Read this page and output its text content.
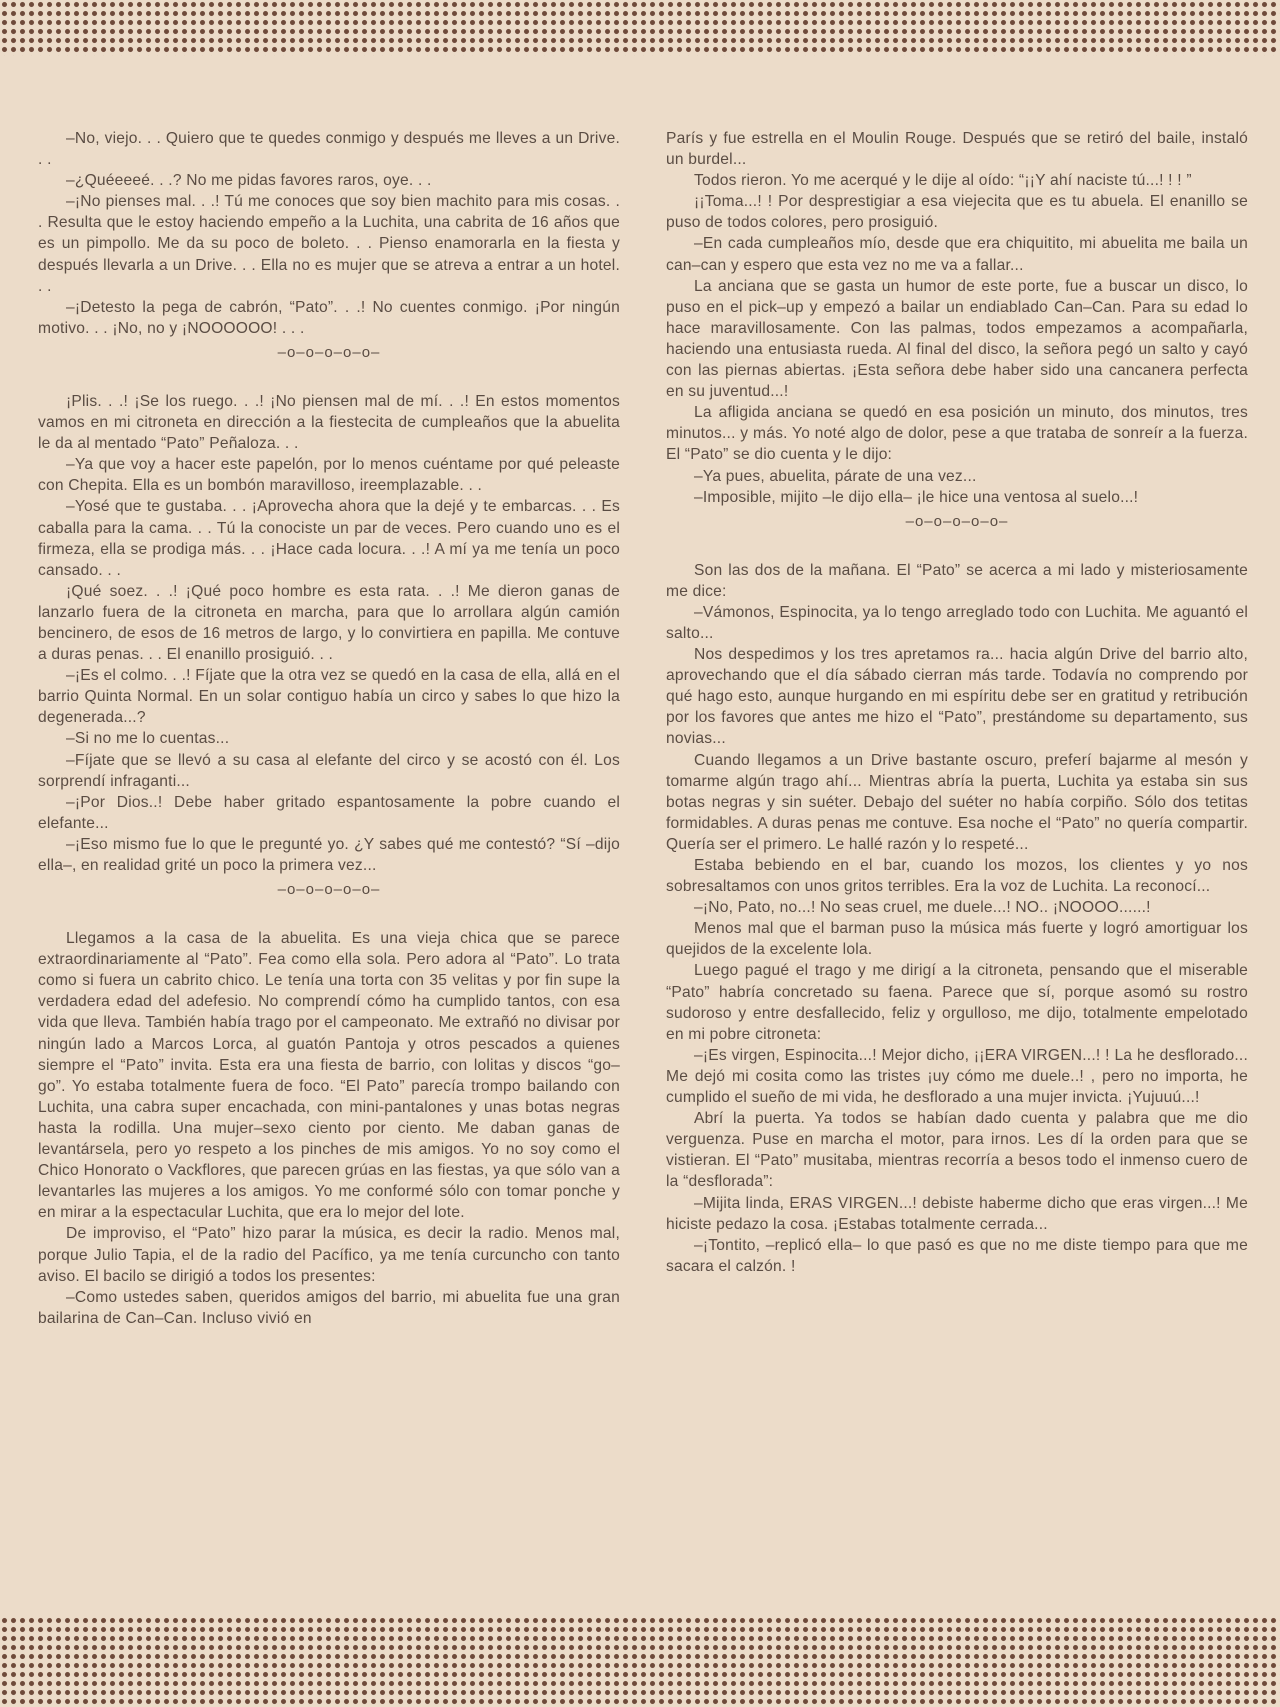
–No, viejo. . . Quiero que te quedes conmigo y después me lleves a un Drive. . .

–¿Quéeeeé. . .? No me pidas favores raros, oye. . .

–¡No pienses mal. . .! Tú me conoces que soy bien machito para mis cosas. . . Resulta que le estoy haciendo empeño a la Luchita, una cabrita de 16 años que es un pimpollo. Me da su poco de boleto. . . Pienso enamorarla en la fiesta y después llevarla a un Drive. . . Ella no es mujer que se atreva a entrar a un hotel. . .

–¡Detesto la pega de cabrón, “Pato”. . .! No cuentes conmigo. ¡Por ningún motivo. . . ¡No, no y ¡NOOOOOO! . . .

–o–o–o–o–o–

¡Plis. . .! ¡Se los ruego. . .! ¡No piensen mal de mí. . .! En estos momentos vamos en mi citroneta en dirección a la fiestecita de cumpleaños que la abuelita le da al mentado “Pato” Peñaloza. . .

–Ya que voy a hacer este papelón, por lo menos cuéntame por qué peleaste con Chepita. Ella es un bombón maravilloso, ireemplazable. . .

–Yosé que te gustaba. . . ¡Aprovecha ahora que la dejé y te embarcas. . . Es caballa para la cama. . . Tú la conociste un par de veces. Pero cuando uno es el firmeza, ella se prodiga más. . . ¡Hace cada locura. . .! A mí ya me tenía un poco cansado. . .

¡Qué soez. . .! ¡Qué poco hombre es esta rata. . .! Me dieron ganas de lanzarlo fuera de la citroneta en marcha, para que lo arrollara algún camión bencinero, de esos de 16 metros de largo, y lo convirtiera en papilla. Me contuve a duras penas. . . El enanillo prosiguió. . .

–¡Es el colmo. . .! Fíjate que la otra vez se quedó en la casa de ella, allá en el barrio Quinta Normal. En un solar contiguo había un circo y sabes lo que hizo la degenerada...?

–Si no me lo cuentas...

–Fíjate que se llevó a su casa al elefante del circo y se acostó con él. Los sorprendí infraganti...

–¡Por Dios..! Debe haber gritado espantosamente la pobre cuando el elefante...

–¡Eso mismo fue lo que le pregunté yo. ¿Y sabes qué me contestó? “Sí –dijo ella–, en realidad grité un poco la primera vez...

–o–o–o–o–o–

Llegamos a la casa de la abuelita. Es una vieja chica que se parece extraordinariamente al “Pato”. Fea como ella sola. Pero adora al “Pato”. Lo trata como si fuera un cabrito chico. Le tenía una torta con 35 velitas y por fin supe la verdadera edad del adefesio. No comprendí cómo ha cumplido tantos, con esa vida que lleva. También había trago por el campeonato. Me extrañó no divisar por ningún lado a Marcos Lorca, al guatón Pantoja y otros pescados a quienes siempre el “Pato” invita. Esta era una fiesta de barrio, con lolitas y discos “go–go”. Yo estaba totalmente fuera de foco. “El Pato” parecía trompo bailando con Luchita, una cabra super encachada, con mini-pantalones y unas botas negras hasta la rodilla. Una mujer–sexo ciento por ciento. Me daban ganas de levantársela, pero yo respeto a los pinches de mis amigos. Yo no soy como el Chico Honorato o Vackflores, que parecen grúas en las fiestas, ya que sólo van a levantarles las mujeres a los amigos. Yo me conformé sólo con tomar ponche y en mirar a la espectacular Luchita, que era lo mejor del lote.

De improviso, el “Pato” hizo parar la música, es decir la radio. Menos mal, porque Julio Tapia, el de la radio del Pacífico, ya me tenía curcuncho con tanto aviso. El bacilo se dirigió a todos los presentes:

–Como ustedes saben, queridos amigos del barrio, mi abuelita fue una gran bailarina de Can–Can. Incluso vivió en

París y fue estrella en el Moulin Rouge. Después que se retiró del baile, instaló un burdel...

Todos rieron. Yo me acerqué y le dije al oído: “¡¡Y ahí naciste tú...! ! ! ”

¡¡Toma...! ! Por desprestigiar a esa viejecita que es tu abuela. El enanillo se puso de todos colores, pero prosiguió.

–En cada cumpleaños mío, desde que era chiquitito, mi abuelita me baila un can–can y espero que esta vez no me va a fallar...

La anciana que se gasta un humor de este porte, fue a buscar un disco, lo puso en el pick–up y empezó a bailar un endiablado Can–Can. Para su edad lo hace maravillosamente. Con las palmas, todos empezamos a acompañarla, haciendo una entusiasta rueda. Al final del disco, la señora pegó un salto y cayó con las piernas abiertas. ¡Esta señora debe haber sido una cancanera perfecta en su juventud...!

La afligida anciana se quedó en esa posición un minuto, dos minutos, tres minutos... y más. Yo noté algo de dolor, pese a que trataba de sonreír a la fuerza. El “Pato” se dio cuenta y le dijo:

–Ya pues, abuelita, párate de una vez...

–Imposible, mijito –le dijo ella– ¡le hice una ventosa al suelo...!

–o–o–o–o–o–

Son las dos de la mañana. El “Pato” se acerca a mi lado y misteriosamente me dice:

–Vámonos, Espinocita, ya lo tengo arreglado todo con Luchita. Me aguantó el salto...

Nos despedimos y los tres apretamos ra... hacia algún Drive del barrio alto, aprovechando que el día sábado cierran más tarde. Todavía no comprendo por qué hago esto, aunque hurgando en mi espíritu debe ser en gratitud y retribución por los favores que antes me hizo el “Pato”, prestándome su departamento, sus novias...

Cuando llegamos a un Drive bastante oscuro, preferí bajarme al mesón y tomarme algún trago ahí... Mientras abría la puerta, Luchita ya estaba sin sus botas negras y sin suéter. Debajo del suéter no había corpiño. Sólo dos tetitas formidables. A duras penas me contuve. Esa noche el “Pato” no quería compartir. Quería ser el primero. Le hallé razón y lo respeté...

Estaba bebiendo en el bar, cuando los mozos, los clientes y yo nos sobresaltamos con unos gritos terribles. Era la voz de Luchita. La reconocí...

–¡No, Pato, no...! No seas cruel, me duele...! NO.. ¡NOOOO......!

Menos mal que el barman puso la música más fuerte y logró amortiguar los quejidos de la excelente lola.

Luego pagué el trago y me dirigí a la citroneta, pensando que el miserable “Pato” habría concretado su faena. Parece que sí, porque asomó su rostro sudoroso y entre desfallecido, feliz y orgulloso, me dijo, totalmente empelotado en mi pobre citroneta:

–¡Es virgen, Espinocita...! Mejor dicho, ¡¡ERA VIRGEN...! ! La he desflorado... Me dejó mi cosita como las tristes ¡uy cómo me duele..! , pero no importa, he cumplido el sueño de mi vida, he desflorado a una mujer invicta. ¡Yujuuú...!

Abrí la puerta. Ya todos se habían dado cuenta y palabra que me dio verguenza. Puse en marcha el motor, para irnos. Les dí la orden para que se vistieran. El “Pato” musitaba, mientras recorría a besos todo el inmenso cuero de la “desflorada”:

–Mijita linda, ERAS VIRGEN...! debiste haberme dicho que eras virgen...! Me hiciste pedazo la cosa. ¡Estabas totalmente cerrada...

–¡Tontito, –replicó ella– lo que pasó es que no me diste tiempo para que me sacara el calzón. !
